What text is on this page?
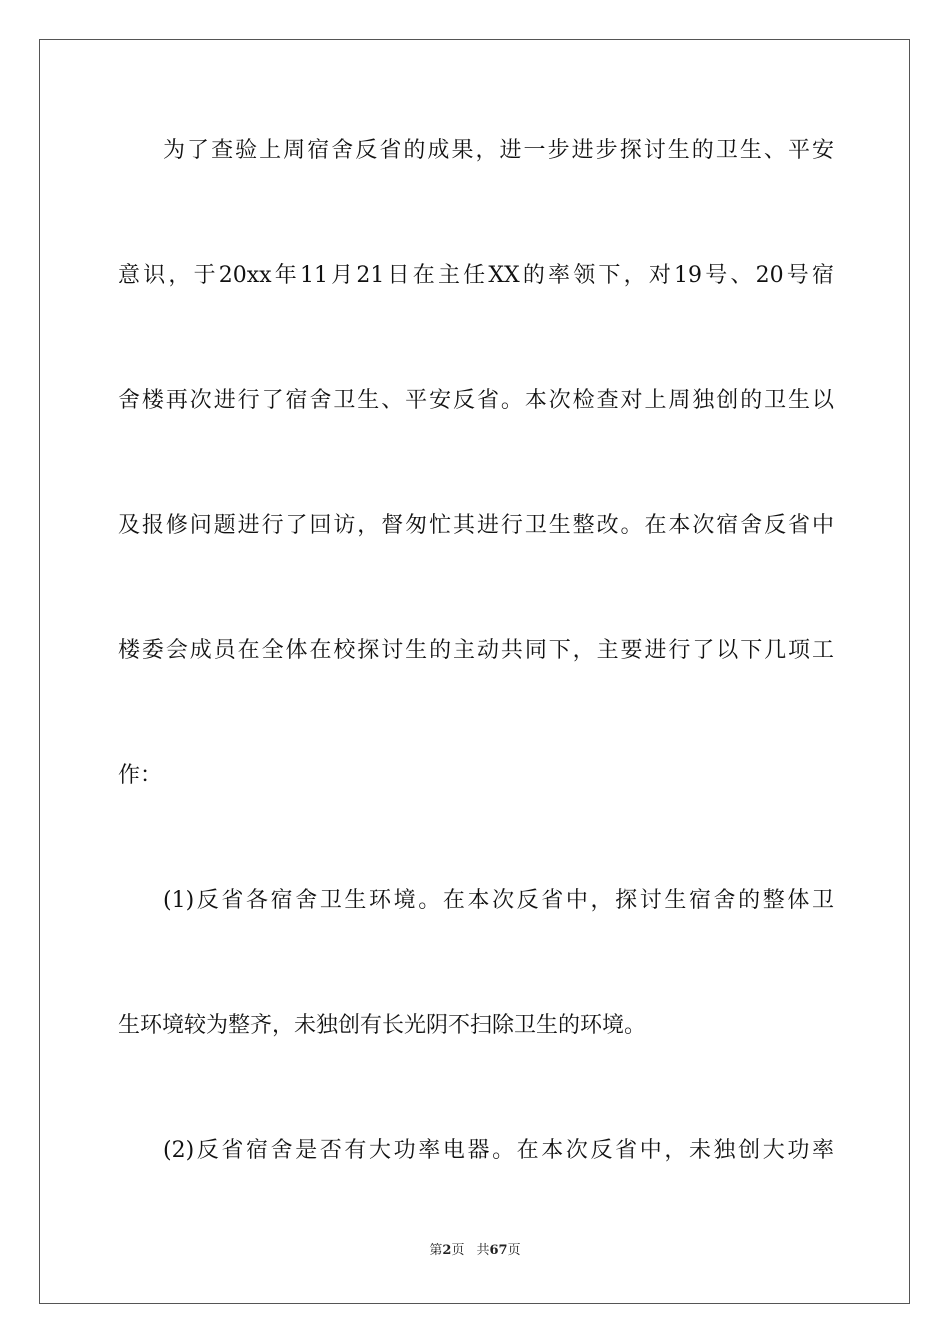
为了查验上周宿舍反省的成果，进一步进步探讨生的卫生、平安
意识，于20xx年11月21日在主任XX的率领下，对19号、20号宿
舍楼再次进行了宿舍卫生、平安反省。本次检查对上周独创的卫生以
及报修问题进行了回访，督匆忙其进行卫生整改。在本次宿舍反省中
楼委会成员在全体在校探讨生的主动共同下，主要进行了以下几项工
作：
(1)反省各宿舍卫生环境。在本次反省中，探讨生宿舍的整体卫
生环境较为整齐，未独创有长光阴不扫除卫生的环境。
(2)反省宿舍是否有大功率电器。在本次反省中，未独创大功率
第2页 共67页
